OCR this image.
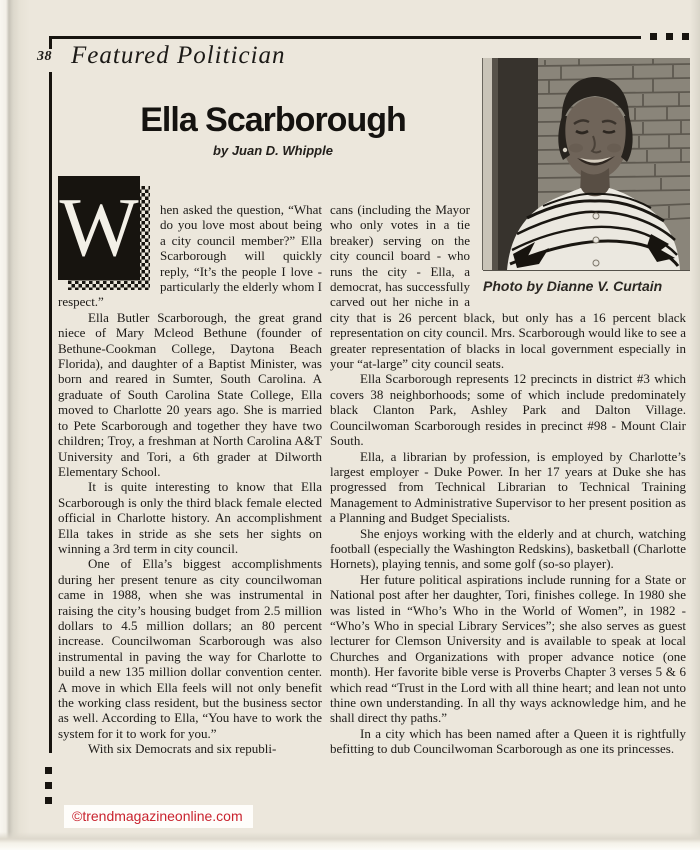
38 Featured Politician
Photo by Dianne V. Curtain
Ella Scarborough
by Juan D. Whipple

W hen asked the question, “What do you love most about being a city council member?” Ella Scarborough will quickly reply, “It’s the people I love - particularly the elderly whom I respect.”

Ella Butler Scarborough, the great grand niece of Mary Mcleod Bethune (founder of Bethune-Cookman College, Daytona Beach Florida), and daughter of a Baptist Minister, was born and reared in Sumter, South Carolina. A graduate of South Carolina State College, Ella moved to Charlotte 20 years ago. She is married to Pete Scarborough and together they have two children; Troy, a freshman at North Carolina A&T University and Tori, a 6th grader at Dilworth Elementary School.

It is quite interesting to know that Ella Scarborough is only the third black female elected official in Charlotte history. An accomplishment Ella takes in stride as she sets her sights on winning a 3rd term in city council.

One of Ella’s biggest accomplishments during her present tenure as city councilwoman came in 1988, when she was instrumental in raising the city’s housing budget from 2.5 million dollars to 4.5 million dollars; an 80 percent increase. Councilwoman Scarborough was also instrumental in paving the way for Charlotte to build a new 135 million dollar convention center. A move in which Ella feels will not only benefit the working class resident, but the business sector as well. According to Ella, “You have to work the system for it to work for you.”

With six Democrats and six republi-

cans (including the Mayor who only votes in a tie breaker) serving on the city council board - who runs the city - Ella, a democrat, has successfully carved out her niche in a city that is 26 percent black, but only has a 16 percent black representation on city council. Mrs. Scarborough would like to see a greater representation of blacks in local government especially in your “at-large” city council seats.

Ella Scarborough represents 12 precincts in district #3 which covers 38 neighborhoods; some of which include predominately black Clanton Park, Ashley Park and Dalton Village. Councilwoman Scarborough resides in precinct #98 - Mount Clair South.

Ella, a librarian by profession, is employed by Charlotte’s largest employer - Duke Power. In her 17 years at Duke she has progressed from Technical Librarian to Technical Training Management to Administrative Supervisor to her present position as a Planning and Budget Specialists.

She enjoys working with the elderly and at church, watching football (especially the Washington Redskins), basketball (Charlotte Hornets), playing tennis, and some golf (so-so player).

Her future political aspirations include running for a State or National post after her daughter, Tori, finishes college. In 1980 she was listed in “Who’s Who in the World of Women”, in 1982 - “Who’s Who in special Library Services”; she also serves as guest lecturer for Clemson University and is available to speak at local Churches and Organizations with proper advance notice (one month). Her favorite bible verse is Proverbs Chapter 3 verses 5 & 6 which read “Trust in the Lord with all thine heart; and lean not unto thine own understanding. In all thy ways acknowledge him, and he shall direct thy paths.”

In a city which has been named after a Queen it is rightfully befitting to dub Councilwoman Scarborough as one its princesses.

©trendmagazineonline.com
